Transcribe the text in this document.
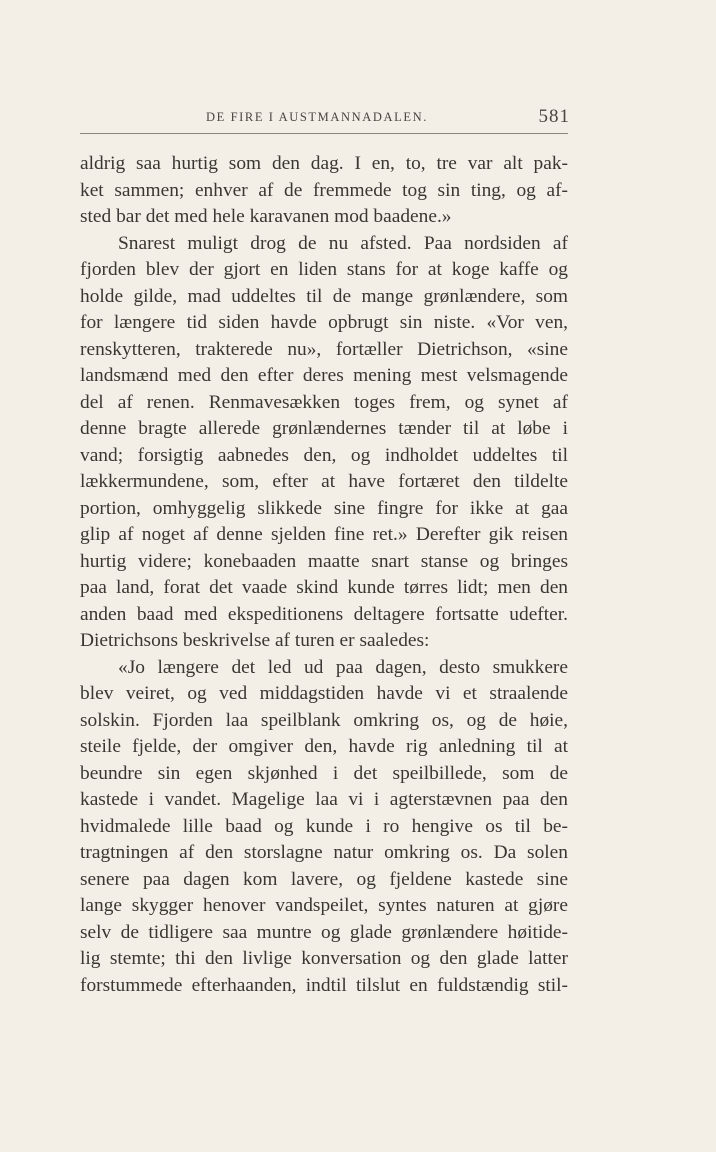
DE FIRE I AUSTMANNADALEN.	581
aldrig saa hurtig som den dag. I en, to, tre var alt pak-
ket sammen; enhver af de fremmede tog sin ting, og af-
sted bar det med hele karavanen mod baadene.»
Snarest muligt drog de nu afsted. Paa nordsiden af
fjorden blev der gjort en liden stans for at koge kaffe og
holde gilde, mad uddeltes til de mange grønlændere, som
for længere tid siden havde opbrugt sin niste. «Vor ven,
renskytteren, trakterede nu», fortæller Dietrichson, «sine
landsmænd med den efter deres mening mest velsmagende
del af renen. Renmavesækken toges frem, og synet af
denne bragte allerede grønlændernes tænder til at løbe i
vand; forsigtig aabnedes den, og indholdet uddeltes til
lækkermundene, som, efter at have fortæret den tildelte
portion, omhyggelig slikkede sine fingre for ikke at gaa
glip af noget af denne sjelden fine ret.» Derefter gik reisen
hurtig videre; konebaaden maatte snart stanse og bringes
paa land, forat det vaade skind kunde tørres lidt; men den
anden baad med ekspeditionens deltagere fortsatte udefter.
Dietrichsons beskrivelse af turen er saaledes:
«Jo længere det led ud paa dagen, desto smukkere
blev veiret, og ved middagstiden havde vi et straalende
solskin. Fjorden laa speilblank omkring os, og de høie,
steile fjelde, der omgiver den, havde rig anledning til at
beundre sin egen skjønhed i det speilbillede, som de
kastede i vandet. Magelige laa vi i agterstævnen paa den
hvidmalede lille baad og kunde i ro hengive os til be-
tragtningen af den storslagne natur omkring os. Da solen
senere paa dagen kom lavere, og fjeldene kastede sine
lange skygger henover vandspeilet, syntes naturen at gjøre
selv de tidligere saa muntre og glade grønlændere høitide-
lig stemte; thi den livlige konversation og den glade latter
forstummede efterhaanden, indtil tilslut en fuldstændig stil-
